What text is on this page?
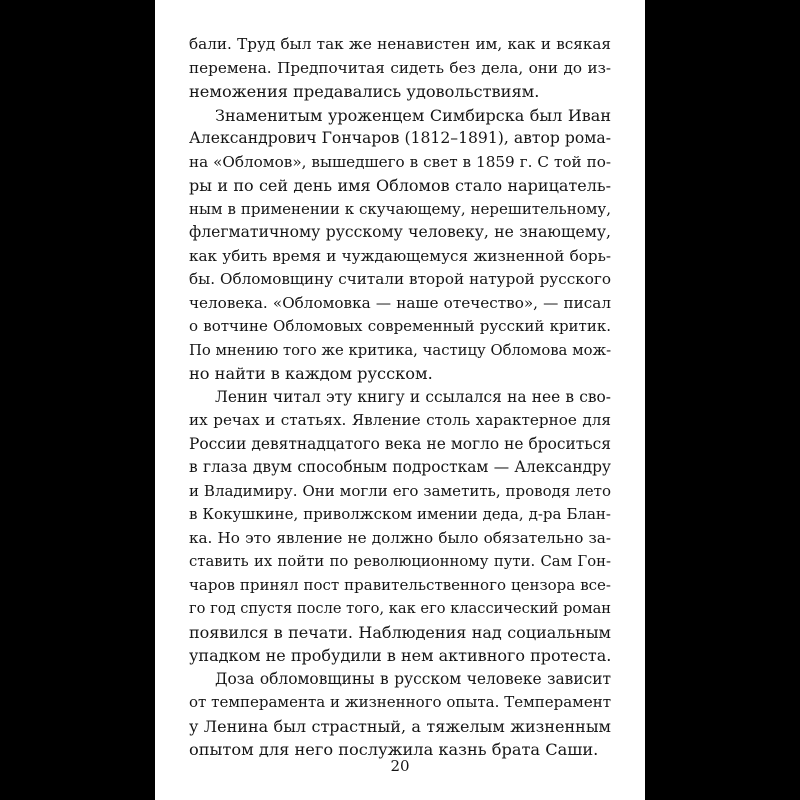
бали. Труд был так же ненавистен им, как и всякая
перемена. Предпочитая сидеть без дела, они до из-
неможения предавались удовольствиям.
Знаменитым уроженцем Симбирска был Иван
Александрович Гончаров (1812–1891), автор рома-
на «Обломов», вышедшего в свет в 1859 г. С той по-
ры и по сей день имя Обломов стало нарицатель-
ным в применении к скучающему, нерешительному,
флегматичному русскому человеку, не знающему,
как убить время и чуждающемуся жизненной борь-
бы. Обломовщину считали второй натурой русского
человека. «Обломовка — наше отечество», — писал
о вотчине Обломовых современный русский критик.
По мнению того же критика, частицу Обломова мож-
но найти в каждом русском.
Ленин читал эту книгу и ссылался на нее в сво-
их речах и статьях. Явление столь характерное для
России девятнадцатого века не могло не броситься
в глаза двум способным подросткам — Александру
и Владимиру. Они могли его заметить, проводя лето
в Кокушкине, приволжском имении деда, д-ра Блан-
ка. Но это явление не должно было обязательно за-
ставить их пойти по революционному пути. Сам Гон-
чаров принял пост правительственного цензора все-
го год спустя после того, как его классический роман
появился в печати. Наблюдения над социальным
упадком не пробудили в нем активного протеста.
Доза обломовщины в русском человеке зависит
от темперамента и жизненного опыта. Темперамент
у Ленина был страстный, а тяжелым жизненным
опытом для него послужила казнь брата Саши.
20
